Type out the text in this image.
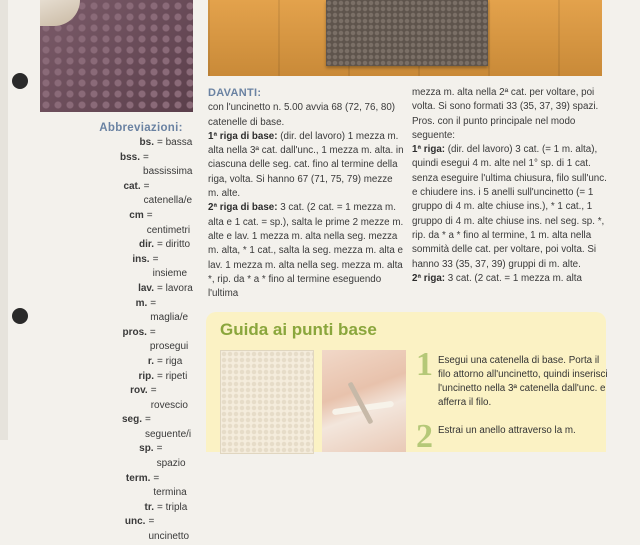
Abbreviazioni:
bs. = bassa
bss. = bassissima
cat. = catenella/e
cm = centimetri
dir. = diritto
ins. = insieme
lav. = lavora
m. = maglia/e
pros. = prosegui
r. = riga
rip. = ripeti
rov. = rovescio
seg. = seguente/i
sp. = spazio
term. = termina
tr. = tripla
unc. = uncinetto

DAVANTI:

con l'uncinetto n. 5.00 avvia 68 (72, 76, 80) catenelle di base.

1ª riga di base: (dir. del lavoro) 1 mezza m. alta nella 3ª cat. dall'unc., 1 mezza m. alta. in ciascuna delle seg. cat. fino al termine della riga, volta. Si hanno 67 (71, 75, 79) mezze m. alte.

2ª riga di base: 3 cat. (2 cat. = 1 mezza m. alta e 1 cat. = sp.), salta le prime 2 mezze m. alte e lav. 1 mezza m. alta nella seg. mezza m. alta, * 1 cat., salta la seg. mezza m. alta e lav. 1 mezza m. alta nella seg. mezza m. alta *, rip. da * a * fino al termine eseguendo l'ultima

mezza m. alta nella 2ª cat. per voltare, poi volta. Si sono formati 33 (35, 37, 39) spazi. Pros. con il punto principale nel modo seguente:

1ª riga: (dir. del lavoro) 3 cat. (= 1 m. alta), quindi esegui 4 m. alte nel 1° sp. di 1 cat. senza eseguire l'ultima chiusura, filo sull'unc. e chiudere ins. i 5 anelli sull'uncinetto (= 1 gruppo di 4 m. alte chiuse ins.), * 1 cat., 1 gruppo di 4 m. alte chiuse ins. nel seg. sp. *, rip. da * a * fino al termine, 1 m. alta nella sommità delle cat. per voltare, poi volta. Si hanno 33 (35, 37, 39) gruppi di m. alte.

2ª riga: 3 cat. (2 cat. = 1 mezza m. alta

Guida ai punti base
1 Esegui una catenella di base. Porta il filo attorno all'uncinetto, quindi inserisci l'uncinetto nella 3ª catenella dall'unc. e afferra il filo.
2 Estrai un anello attraverso la m.
